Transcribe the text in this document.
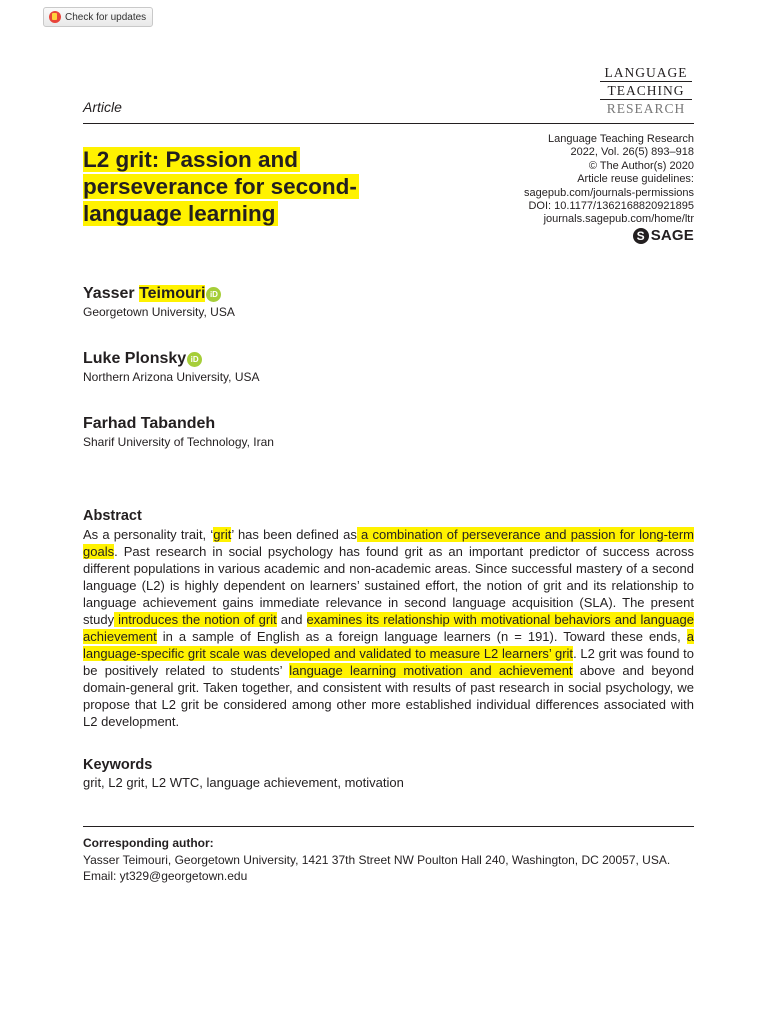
Check for updates
LANGUAGE
TEACHING
RESEARCH
Article
L2 grit: Passion and perseverance for second-language learning
Language Teaching Research
2022, Vol. 26(5) 893–918
© The Author(s) 2020
Article reuse guidelines:
sagepub.com/journals-permissions
DOI: 10.1177/1362168820921895
journals.sagepub.com/home/ltr
S SAGE
Yasser Teimouri iD
Georgetown University, USA
Luke Plonsky iD
Northern Arizona University, USA
Farhad Tabandeh
Sharif University of Technology, Iran
Abstract
As a personality trait, ‘grit’ has been defined as a combination of perseverance and passion for long-term goals. Past research in social psychology has found grit as an important predictor of success across different populations in various academic and non-academic areas. Since successful mastery of a second language (L2) is highly dependent on learners’ sustained effort, the notion of grit and its relationship to language achievement gains immediate relevance in second language acquisition (SLA). The present study introduces the notion of grit and examines its relationship with motivational behaviors and language achievement in a sample of English as a foreign language learners (n = 191). Toward these ends, a language-specific grit scale was developed and validated to measure L2 learners’ grit. L2 grit was found to be positively related to students’ language learning motivation and achievement above and beyond domain-general grit. Taken together, and consistent with results of past research in social psychology, we propose that L2 grit be considered among other more established individual differences associated with L2 development.
Keywords
grit, L2 grit, L2 WTC, language achievement, motivation
Corresponding author:
Yasser Teimouri, Georgetown University, 1421 37th Street NW Poulton Hall 240, Washington, DC 20057, USA.
Email: yt329@georgetown.edu
